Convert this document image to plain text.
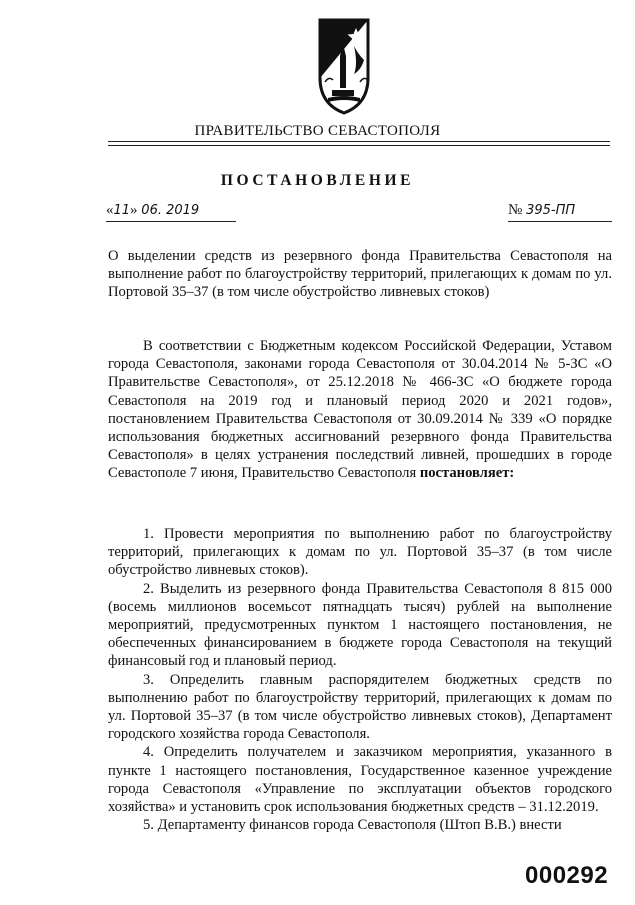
ПРАВИТЕЛЬСТВО СЕВАСТОПОЛЯ
ПОСТАНОВЛЕНИЕ
«11» 06. 2019	№ 395-ПП
О выделении средств из резервного фонда Правительства Севастополя на выполнение работ по благоустройству территорий, прилегающих к домам по ул. Портовой 35–37 (в том числе обустройство ливневых стоков)

В соответствии с Бюджетным кодексом Российской Федерации, Уставом города Севастополя, законами города Севастополя от 30.04.2014 № 5-ЗС «О Правительстве Севастополя», от 25.12.2018 № 466-ЗС «О бюджете города Севастополя на 2019 год и плановый период 2020 и 2021 годов», постановлением Правительства Севастополя от 30.09.2014 № 339 «О порядке использования бюджетных ассигнований резервного фонда Правительства Севастополя» в целях устранения последствий ливней, прошедших в городе Севастополе 7 июня, Правительство Севастополя постановляет:

1. Провести мероприятия по выполнению работ по благоустройству территорий, прилегающих к домам по ул. Портовой 35–37 (в том числе обустройство ливневых стоков).

2. Выделить из резервного фонда Правительства Севастополя 8 815 000 (восемь миллионов восемьсот пятнадцать тысяч) рублей на выполнение мероприятий, предусмотренных пунктом 1 настоящего постановления, не обеспеченных финансированием в бюджете города Севастополя на текущий финансовый год и плановый период.

3. Определить главным распорядителем бюджетных средств по выполнению работ по благоустройству территорий, прилегающих к домам по ул. Портовой 35–37 (в том числе обустройство ливневых стоков), Департамент городского хозяйства города Севастополя.

4. Определить получателем и заказчиком мероприятия, указанного в пункте 1 настоящего постановления, Государственное казенное учреждение города Севастополя «Управление по эксплуатации объектов городского хозяйства» и установить срок использования бюджетных средств – 31.12.2019.

5. Департаменту финансов города Севастополя (Штоп В.В.) внести

000292
